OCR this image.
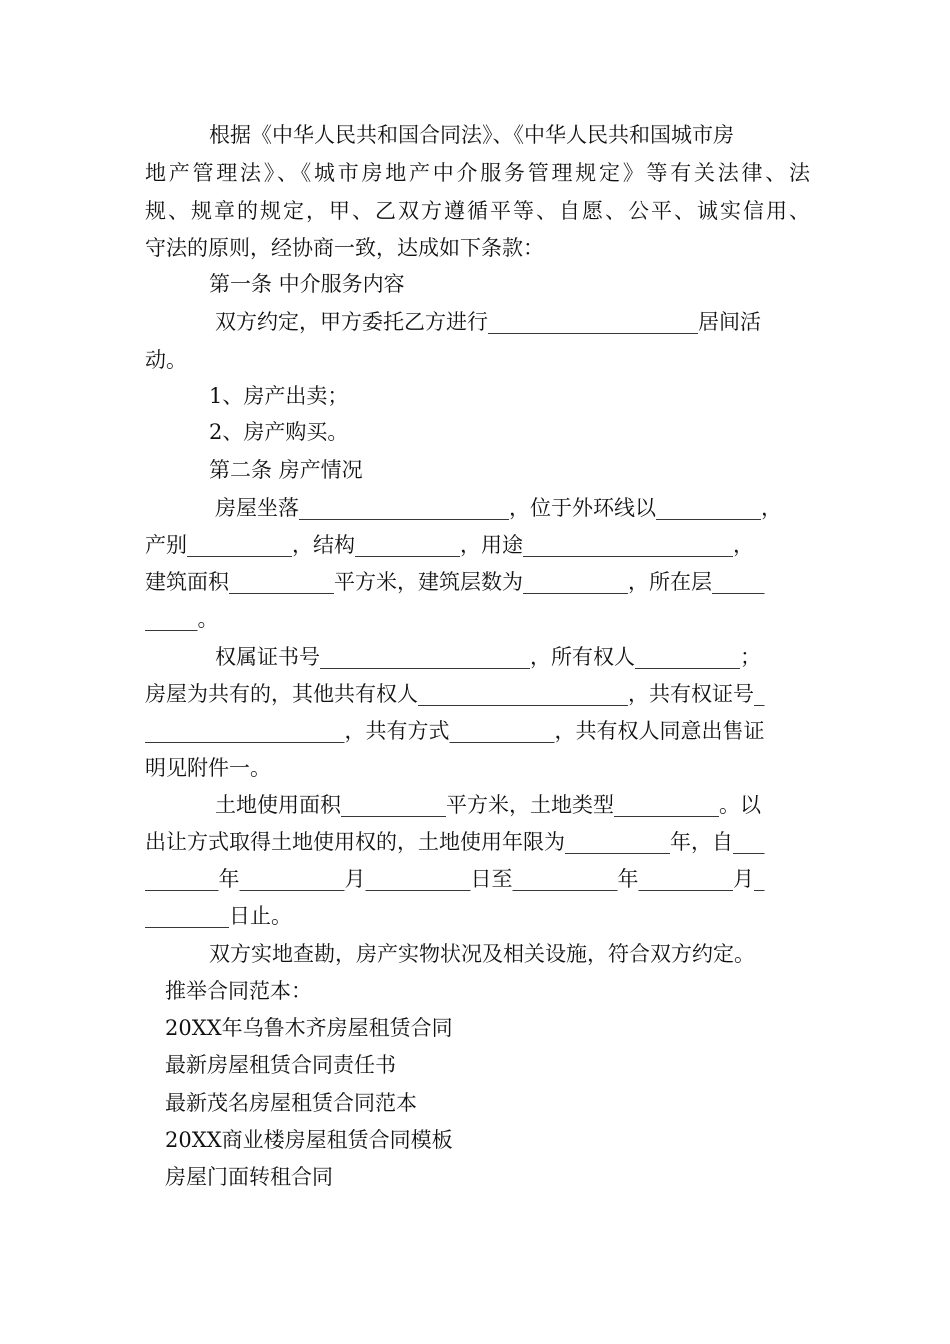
根据《中华人民共和国合同法》、《中华人民共和国城市房
地产管理法》、《城市房地产中介服务管理规定》等有关法律、法
规、规章的规定，甲、乙双方遵循平等、自愿、公平、诚实信用、
守法的原则，经协商一致，达成如下条款：
第一条 中介服务内容
双方约定，甲方委托乙方进行____________________居间活
动。
1、房产出卖；
2、房产购买。
第二条 房产情况
房屋坐落____________________，位于外环线以__________，
产别__________，结构__________，用途____________________，
建筑面积__________平方米，建筑层数为__________，所在层_____
_____。
权属证书号____________________，所有权人__________；
房屋为共有的，其他共有权人____________________，共有权证号_
___________________，共有方式__________，共有权人同意出售证
明见附件一。
土地使用面积__________平方米，土地类型__________。以
出让方式取得土地使用权的，土地使用年限为__________年，自___
_______年__________月__________日至__________年_________月_
________日止。
双方实地查勘，房产实物状况及相关设施，符合双方约定。
推举合同范本：
20XX年乌鲁木齐房屋租赁合同
最新房屋租赁合同责任书
最新茂名房屋租赁合同范本
20XX商业楼房屋租赁合同模板
房屋门面转租合同
